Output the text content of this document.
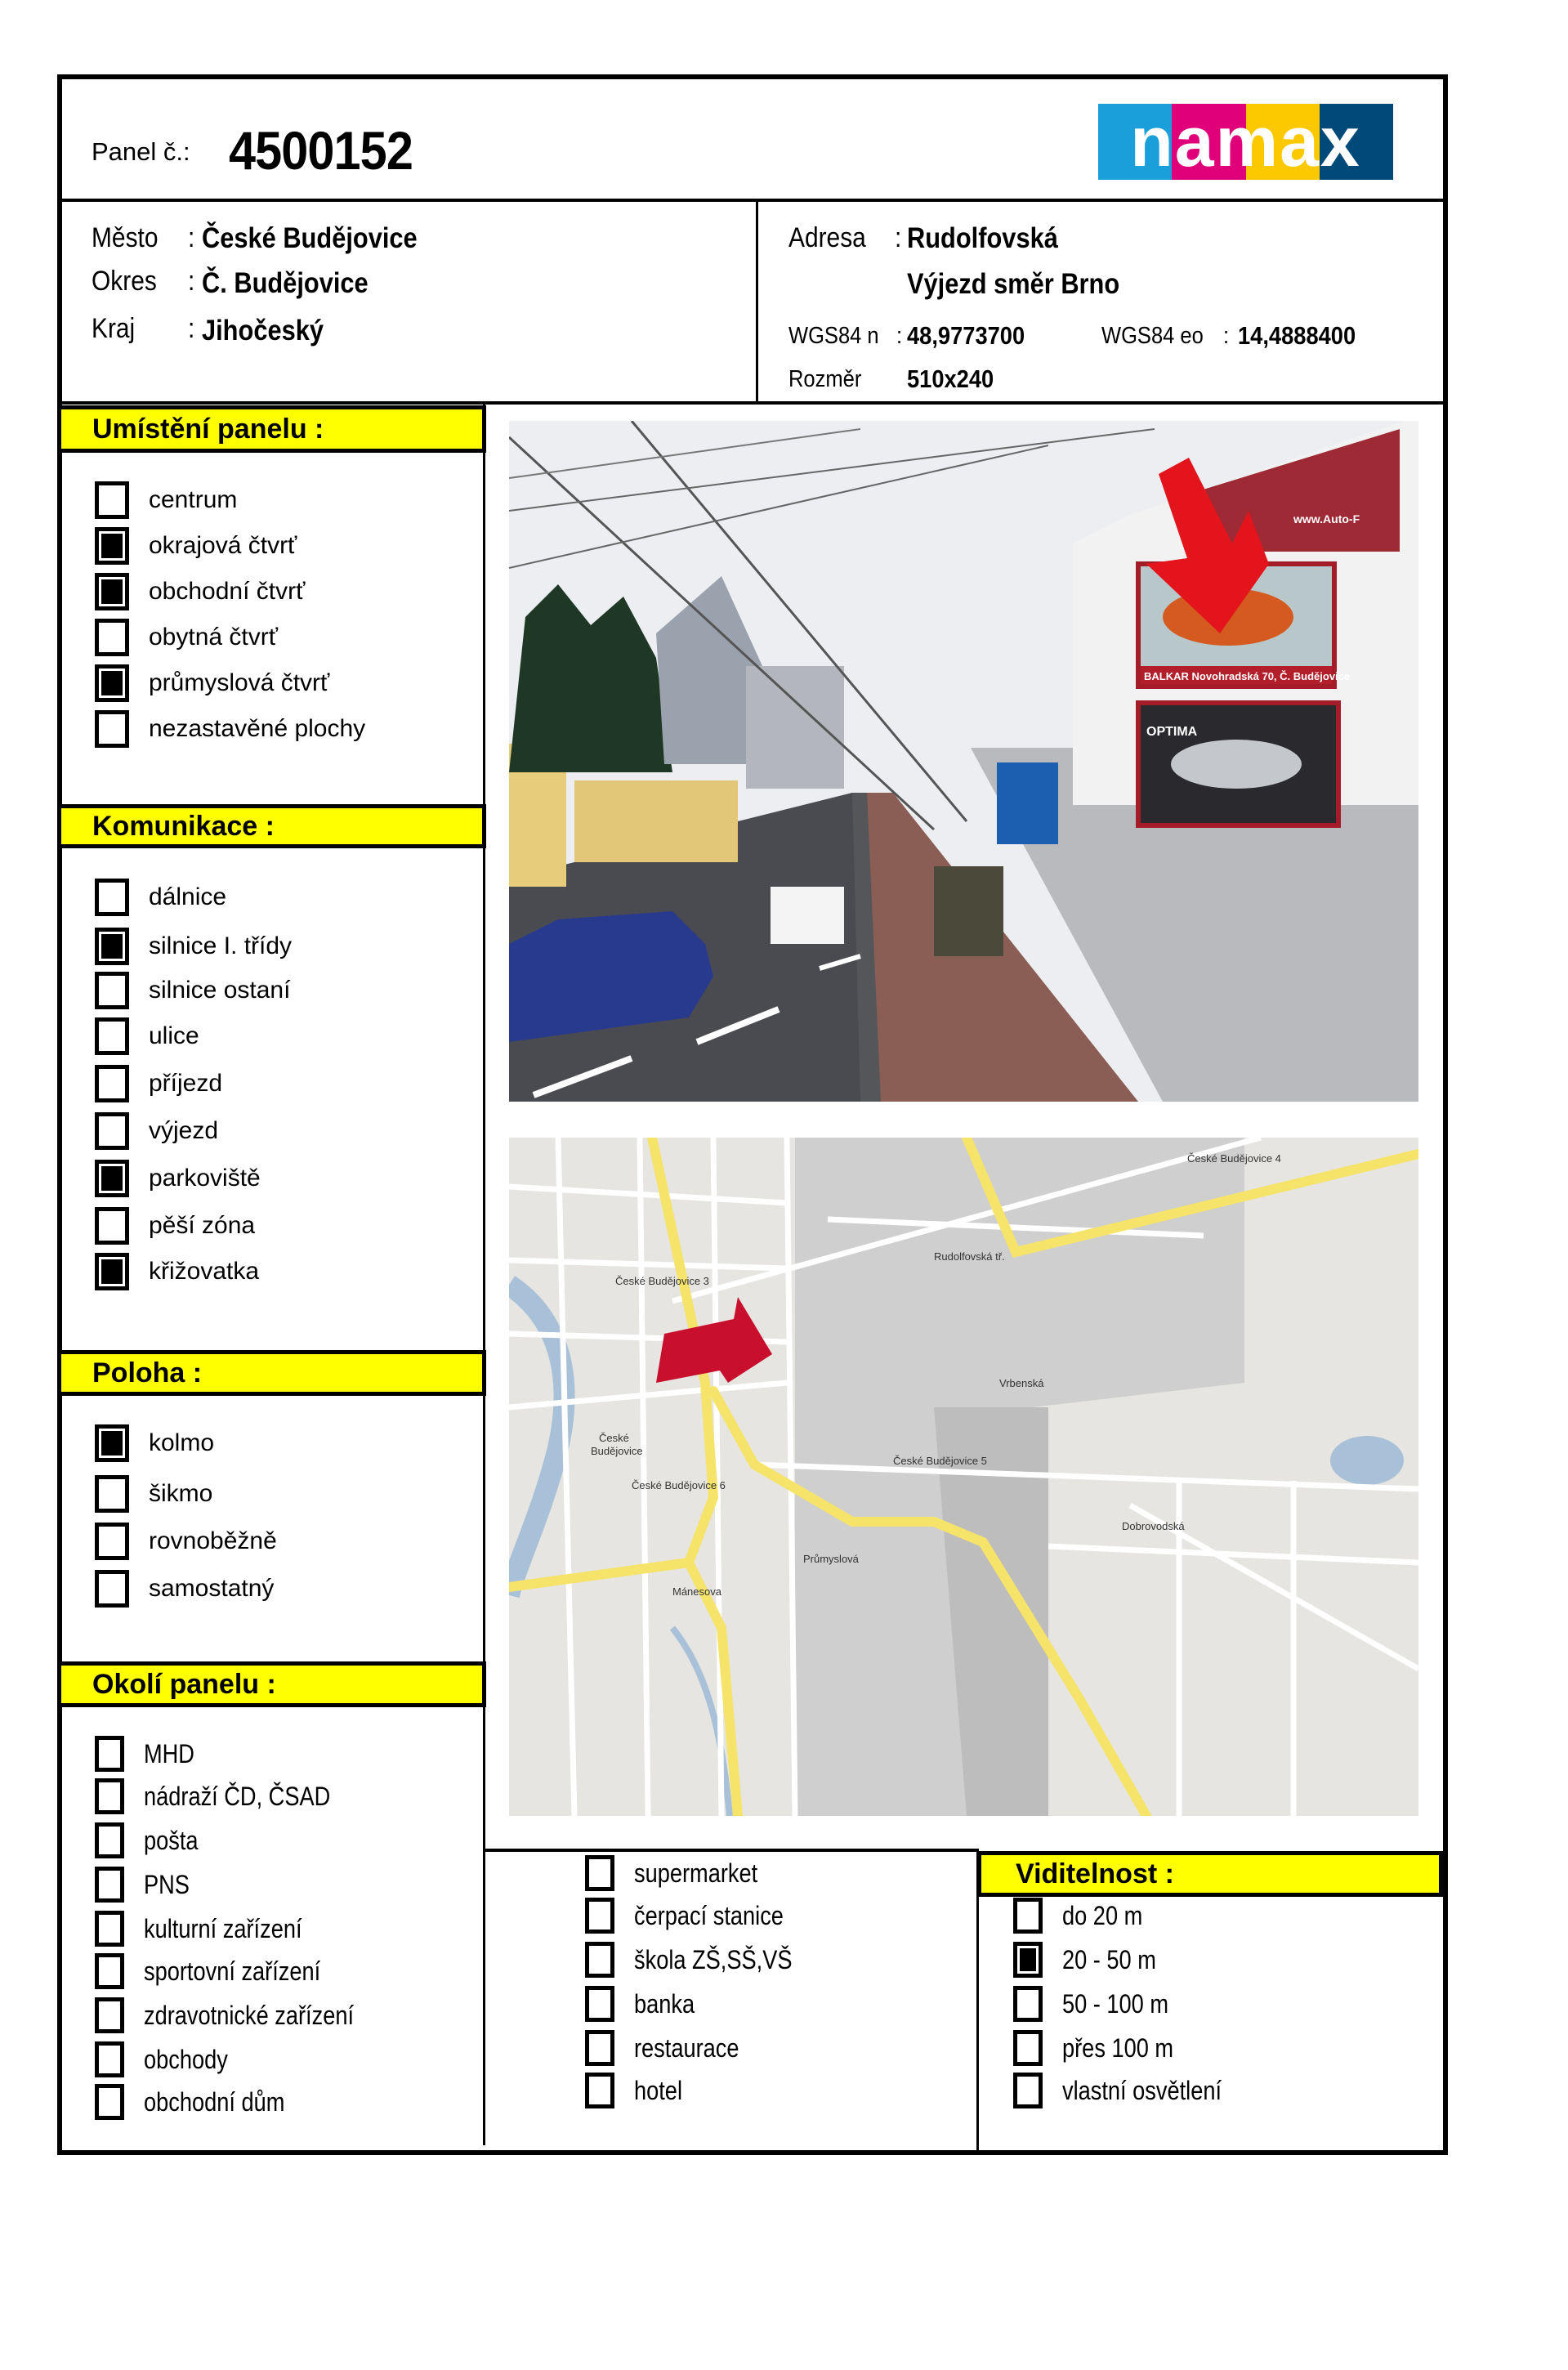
Panel č.: 4500152	namax
Město : České Budějovice
Okres : Č. Budějovice
Kraj : Jihočeský
Adresa : Rudolfovská
Výjezd směr Brno
WGS84 n : 48,9773700	WGS84 eo : 14,4888400
Rozměr 510x240
Umístění panelu :
Komunikace :
Poloha :
Okolí panelu :
Viditelnost :
BALKAR Novohradská 70, Č. Budějovice
OPTIMA
www.Auto-F
České
Budějovice
České Budějovice 5
České Budějovice 3
České Budějovice 4
Mánesova
Dobrovodská
Vrbenská
Rudolfovská tř.
České Budějovice 6
Průmyslová
centrum
okrajová čtvrť
obchodní čtvrť
obytná čtvrť
průmyslová čtvrť
nezastavěné plochy
dálnice
silnice I. třídy
silnice ostaní
ulice
příjezd
výjezd
parkoviště
pěší zóna
křižovatka
kolmo
šikmo
rovnoběžně
samostatný
MHD
nádraží ČD, ČSAD
pošta
PNS
kulturní zařízení
sportovní zařízení
zdravotnické zařízení
obchody
obchodní dům
supermarket
čerpací stanice
škola ZŠ,SŠ,VŠ
banka
restaurace
hotel
do 20 m
20 - 50 m
50 - 100 m
přes 100 m
vlastní osvětlení
